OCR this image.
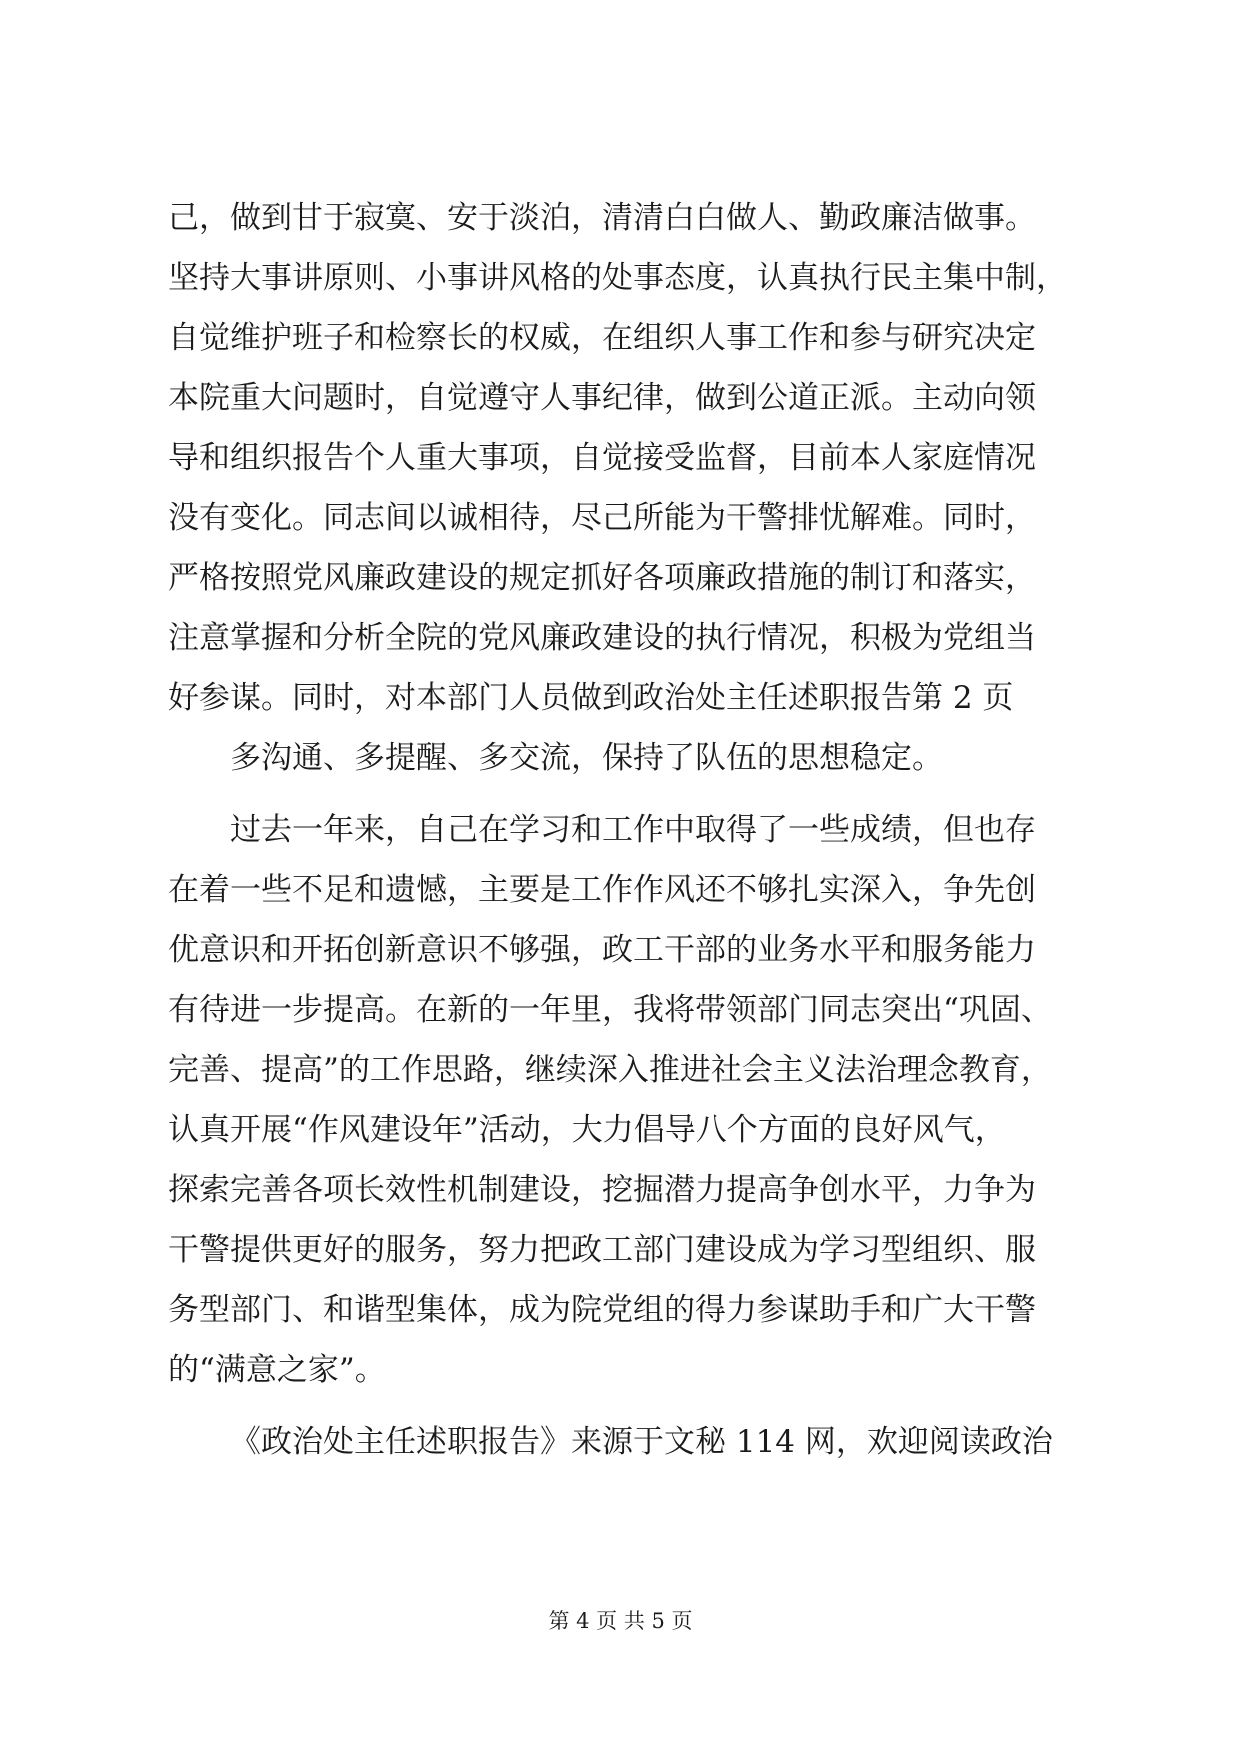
己，做到甘于寂寞、安于淡泊，清清白白做人、勤政廉洁做事。
坚持大事讲原则、小事讲风格的处事态度，认真执行民主集中制，
自觉维护班子和检察长的权威，在组织人事工作和参与研究决定
本院重大问题时，自觉遵守人事纪律，做到公道正派。主动向领
导和组织报告个人重大事项，自觉接受监督，目前本人家庭情况
没有变化。同志间以诚相待，尽己所能为干警排忧解难。同时，
严格按照党风廉政建设的规定抓好各项廉政措施的制订和落实，
注意掌握和分析全院的党风廉政建设的执行情况，积极为党组当
好参谋。同时，对本部门人员做到政治处主任述职报告第 2 页
多沟通、多提醒、多交流，保持了队伍的思想稳定。
过去一年来，自己在学习和工作中取得了一些成绩，但也存
在着一些不足和遗憾，主要是工作作风还不够扎实深入，争先创
优意识和开拓创新意识不够强，政工干部的业务水平和服务能力
有待进一步提高。在新的一年里，我将带领部门同志突出“巩固、
完善、提高”的工作思路，继续深入推进社会主义法治理念教育，
认真开展“作风建设年”活动，大力倡导八个方面的良好风气，
探索完善各项长效性机制建设，挖掘潜力提高争创水平，力争为
干警提供更好的服务，努力把政工部门建设成为学习型组织、服
务型部门、和谐型集体，成为院党组的得力参谋助手和广大干警
的“满意之家”。
《政治处主任述职报告》来源于文秘 114 网，欢迎阅读政治
第 4 页 共 5 页
